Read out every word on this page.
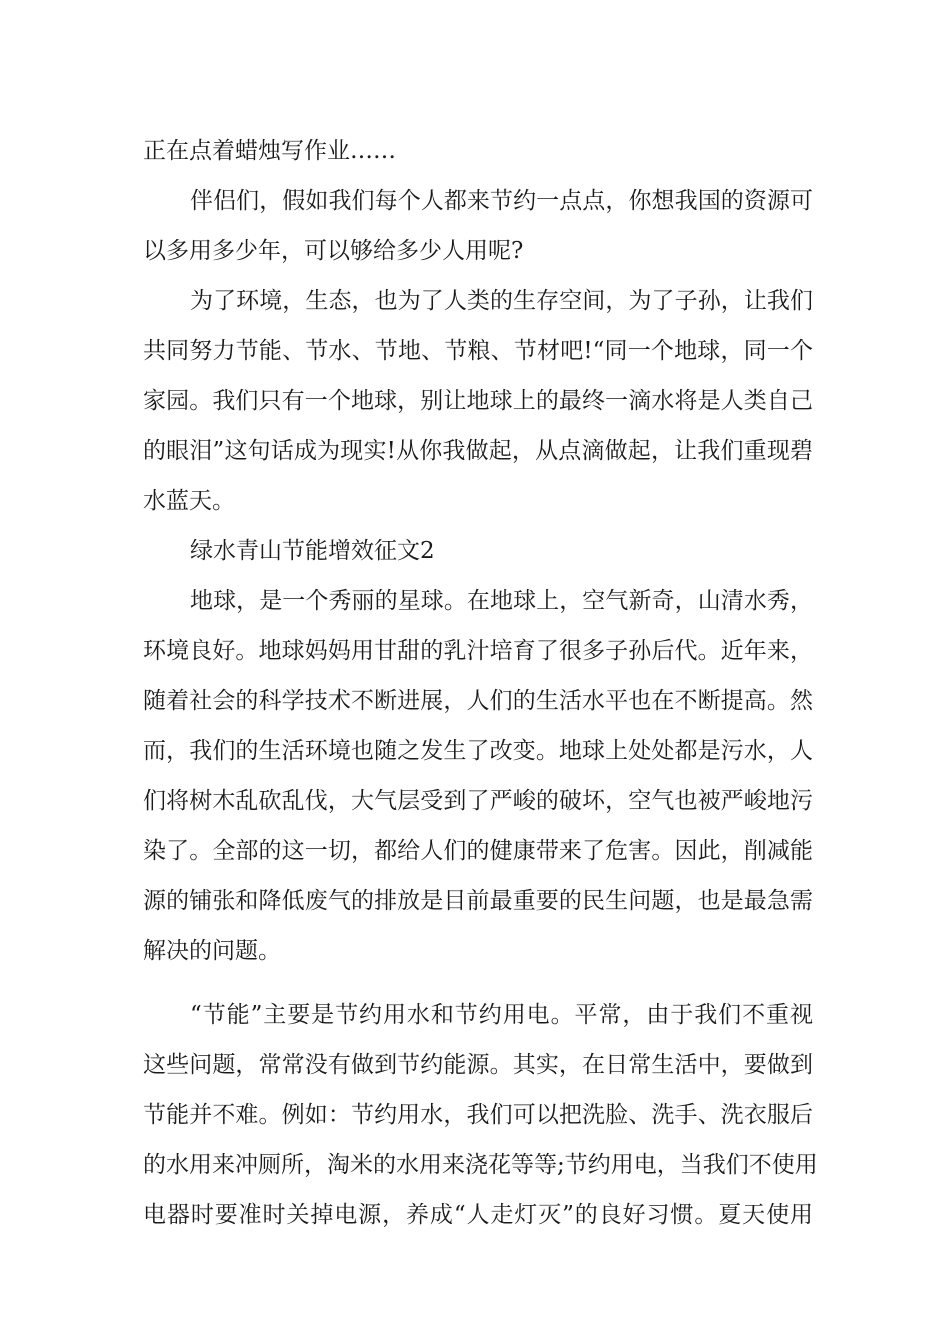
正在点着蜡烛写作业……
伴侣们，假如我们每个人都来节约一点点，你想我国的资源可
以多用多少年，可以够给多少人用呢?
为了环境，生态，也为了人类的生存空间，为了子孙，让我们
共同努力节能、节水、节地、节粮、节材吧!“同一个地球，同一个
家园。我们只有一个地球，别让地球上的最终一滴水将是人类自己
的眼泪”这句话成为现实!从你我做起，从点滴做起，让我们重现碧
水蓝天。
绿水青山节能增效征文2
地球，是一个秀丽的星球。在地球上，空气新奇，山清水秀，
环境良好。地球妈妈用甘甜的乳汁培育了很多子孙后代。近年来，
随着社会的科学技术不断进展，人们的生活水平也在不断提高。然
而，我们的生活环境也随之发生了改变。地球上处处都是污水，人
们将树木乱砍乱伐，大气层受到了严峻的破坏，空气也被严峻地污
染了。全部的这一切，都给人们的健康带来了危害。因此，削减能
源的铺张和降低废气的排放是目前最重要的民生问题，也是最急需
解决的问题。
“节能”主要是节约用水和节约用电。平常，由于我们不重视
这些问题，常常没有做到节约能源。其实，在日常生活中，要做到
节能并不难。例如：节约用水，我们可以把洗脸、洗手、洗衣服后
的水用来冲厕所，淘米的水用来浇花等等;节约用电，当我们不使用
电器时要准时关掉电源，养成“人走灯灭”的良好习惯。夏天使用
